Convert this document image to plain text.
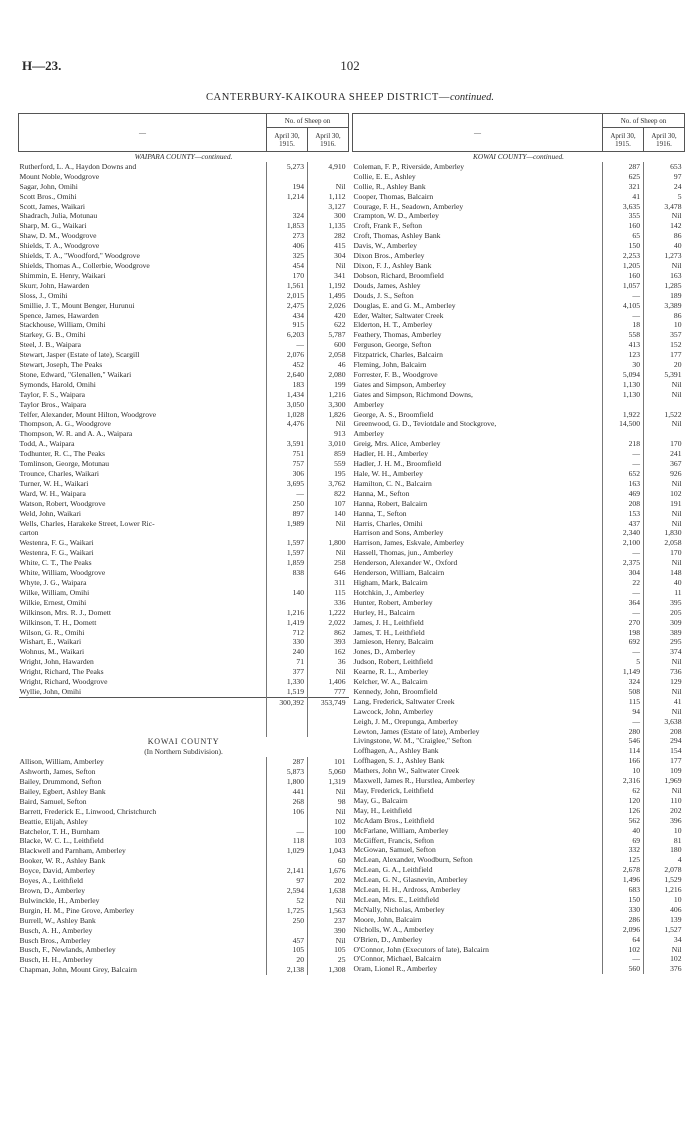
H—23.	102
CANTERBURY-KAIKOURA SHEEP DISTRICT—continued.
—	No. of Sheep on	
	April 30, 1915.	April 30, 1916.
WAIPARA COUNTY—continued.		
Rutherford, L. A., Haydon Downs and	5,273	4,910
Mount Noble, Woodgrove		
Sagar, John, Omihi	194	Nil
Scott Bros., Omihi	1,214	1,112
Scott, James, Waikari		3,127
Shadrach, Julia, Motunau	324	300
Sharp, M. G., Waikari	1,853	1,135
Shaw, D. M., Woodgrove	273	282
Shields, T. A., Woodgrove	406	415
Shields, T. A., "Woodford," Woodgrove	325	304
Shields, Thomas A., Collerbie, Woodgrove	454	Nil
Shimmin, E. Henry, Waikari	170	341
Skurr, John, Hawarden	1,561	1,192
Sloss, J., Omihi	2,015	1,495
Smillie, J. T., Mount Benger, Hurunui	2,475	2,026
Spence, James, Hawarden	434	420
Stackhouse, William, Omihi	915	622
Starkey, G. B., Omihi	6,203	5,787
Steel, J. B., Waipara	—	600
Stewart, Jasper (Estate of late), Scargill	2,076	2,058
Stewart, Joseph, The Peaks	452	46
Stone, Edward, "Glenallen," Waikari	2,640	2,080
Symonds, Harold, Omihi	183	199
Taylor, F. S., Waipara	1,434	1,216
Taylor Bros., Waipara	3,050	3,300
Telfer, Alexander, Mount Hilton, Woodgrove	1,028	1,826
Thompson, A. G., Woodgrove	4,476	Nil
Thompson, W. R. and A. A., Waipara		913
Todd, A., Waipara	3,591	3,010
Todhunter, R. C., The Peaks	751	859
Tomlinson, George, Motunau	757	559
Trounce, Charles, Waikari	306	195
Turner, W. H., Waikari	3,695	3,762
Ward, W. H., Waipara	—	822
Watson, Robert, Woodgrove	250	107
Weld, John, Waikari	897	140
Wells, Charles, Harakeke Street, Lower Ric-	1,989	Nil
carton		
Westenra, F. G., Waikari	1,597	1,800
Westenra, F. G., Waikari	1,597	Nil
White, C. T., The Peaks	1,859	258
White, William, Woodgrove	838	646
Whyte, J. G., Waipara		311
Wilke, William, Omihi	140	115
Wilkie, Ernest, Omihi		336
Wilkinson, Mrs. R. J., Domett	1,216	1,222
Wilkinson, T. H., Domett	1,419	2,022
Wilson, G. R., Omihi	712	862
Wishart, E., Waikari	330	393
Wohnus, M., Waikari	240	162
Wright, John, Hawarden	71	36
Wright, Richard, The Peaks	377	Nil
Wright, Richard, Woodgrove	1,330	1,406
Wyllie, John, Omihi	1,519	777
	300,392	353,749

KOWAI COUNTY		
(In Northern Subdivision).		
Allison, William, Amberley	287	101
Ashworth, James, Sefton	5,873	5,060
Bailey, Drummond, Sefton	1,800	1,319
Bailey, Egbert, Ashley Bank	441	Nil
Baird, Samuel, Sefton	268	98
Barrett, Frederick E., Linwood, Christchurch	106	Nil
Beattie, Elijah, Ashley		102
Batchelor, T. H., Burnham	—	100
Blacke, W. C. L., Leithfield	118	103
Blackwell and Parnham, Amberley	1,029	1,043
Booker, W. R., Ashley Bank		60
Boyce, David, Amberley	2,141	1,676
Boyes, A., Leithfield	97	202
Brown, D., Amberley	2,594	1,638
Bulwinckle, H., Amberley	52	Nil
Burgin, H. M., Pine Grove, Amberley	1,725	1,563
Burrell, W., Ashley Bank	250	237
Busch, A. H., Amberley		390
Busch Bros., Amberley	457	Nil
Busch, F., Newlands, Amberley	105	105
Busch, H. H., Amberley	20	25
Chapman, John, Mount Grey, Balcairn	2,138	1,308
—	No. of Sheep on	
	April 30, 1915.	April 30, 1916.
KOWAI COUNTY—continued.		
Coleman, F. P., Riverside, Amberley	287	653
Collie, E. E., Ashley	625	97
Collie, R., Ashley Bank	321	24
Cooper, Thomas, Balcairn	41	5
Courage, F. H., Seadown, Amberley	3,635	3,478
Crampton, W. D., Amberley	355	Nil
Croft, Frank F., Sefton	160	142
Croft, Thomas, Ashley Bank	65	86
Davis, W., Amberley	150	40
Dixon Bros., Amberley	2,253	1,273
Dixon, F. J., Ashley Bank	1,205	Nil
Dobson, Richard, Broomfield	160	163
Douds, James, Ashley	1,057	1,285
Douds, J. S., Sefton	—	189
Douglas, E. and G. M., Amberley	4,105	3,389
Eder, Walter, Saltwater Creek	—	86
Elderton, H. T., Amberley	18	10
Feathery, Thomas, Amberley	558	357
Ferguson, George, Sefton	413	152
Fitzpatrick, Charles, Balcairn	123	177
Fleming, John, Balcairn	30	20
Forrester, F. B., Woodgrove	5,094	5,391
Gates and Simpson, Amberley	1,130	Nil
Gates and Simpson, Richmond Downs,	1,130	Nil
Amberley		
George, A. S., Broomfield	1,922	1,522
Greenwood, G. D., Teviotdale and Stockgrove,	14,500	Nil
Amberley		
Greig, Mrs. Alice, Amberley	218	170
Hadler, H. H., Amberley	—	241
Hadler, J. H. M., Broomfield	—	367
Hale, W. H., Amberley	652	926
Hamilton, C. N., Balcairn	163	Nil
Hanna, M., Sefton	469	102
Hanna, Robert, Balcairn	208	191
Hanna, T., Sefton	153	Nil
Harris, Charles, Omihi	437	Nil
Harrison and Sons, Amberley	2,340	1,830
Harrison, James, Eskvale, Amberley	2,100	2,058
Hassell, Thomas, jun., Amberley	—	170
Henderson, Alexander W., Oxford	2,375	Nil
Henderson, William, Balcairn	304	148
Higham, Mark, Balcairn	22	40
Hotchkin, J., Amberley	—	11
Hunter, Robert, Amberley	364	395
Hurley, H., Balcairn	—	205
James, J. H., Leithfield	270	309
James, T. H., Leithfield	198	389
Jamieson, Henry, Balcairn	692	295
Jones, D., Amberley	—	374
Judson, Robert, Leithfield	5	Nil
Kearne, R. L., Amberley	1,149	736
Kelcher, W. A., Balcairn	324	129
Kennedy, John, Broomfield	508	Nil
Lang, Frederick, Saltwater Creek	115	41
Lawcock, John, Amberley	94	Nil
Leigh, J. M., Orepunga, Amberley	—	3,638
Lewton, James (Estate of late), Amberley	280	208
Livingstone, W. M., "Craiglee," Sefton	546	294
Loffhagen, A., Ashley Bank	114	154
Loffhagen, S. J., Ashley Bank	166	177
Mathers, John W., Saltwater Creek	10	109
Maxwell, James R., Hurstlea, Amberley	2,316	1,969
May, Frederick, Leithfield	62	Nil
May, G., Balcairn	120	110
May, H., Leithfield	126	202
McAdam Bros., Leithfield	562	396
McFarlane, William, Amberley	40	10
McGiffert, Francis, Sefton	69	81
McGowan, Samuel, Sefton	332	180
McLean, Alexander, Woodburn, Sefton	125	4
McLean, G. A., Leithfield	2,678	2,078
McLean, G. N., Glasnevin, Amberley	1,496	1,529
McLean, H. H., Ardross, Amberley	683	1,216
McLean, Mrs. E., Leithfield	150	10
McNally, Nicholas, Amberley	330	406
Moore, John, Balcairn	286	139
Nicholls, W. A., Amberley	2,096	1,527
O'Brien, D., Amberley	64	34
O'Connor, John (Executors of late), Balcairn	102	Nil
O'Connor, Michael, Balcairn	—	102
Oram, Lionel R., Amberley	560	376
